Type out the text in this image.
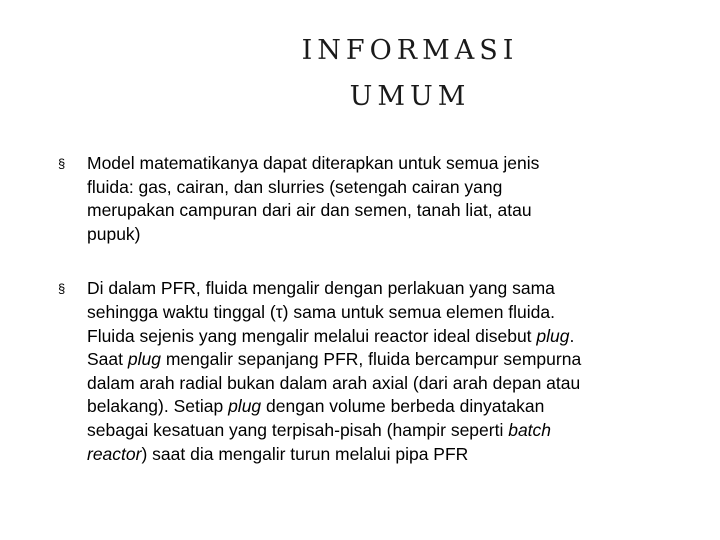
INFORMASI
UMUM
§ Model matematikanya dapat diterapkan untuk semua jenis
fluida: gas, cairan, dan slurries (setengah cairan yang
merupakan campuran dari air dan semen, tanah liat, atau
pupuk)
§ Di dalam PFR, fluida mengalir dengan perlakuan yang sama
sehingga waktu tinggal (τ) sama untuk semua elemen fluida.
Fluida sejenis yang mengalir melalui reactor ideal disebut plug.
Saat plug mengalir sepanjang PFR, fluida bercampur sempurna
dalam arah radial bukan dalam arah axial (dari arah depan atau
belakang). Setiap plug dengan volume berbeda dinyatakan
sebagai kesatuan yang terpisah-pisah (hampir seperti batch
reactor) saat dia mengalir turun melalui pipa PFR
